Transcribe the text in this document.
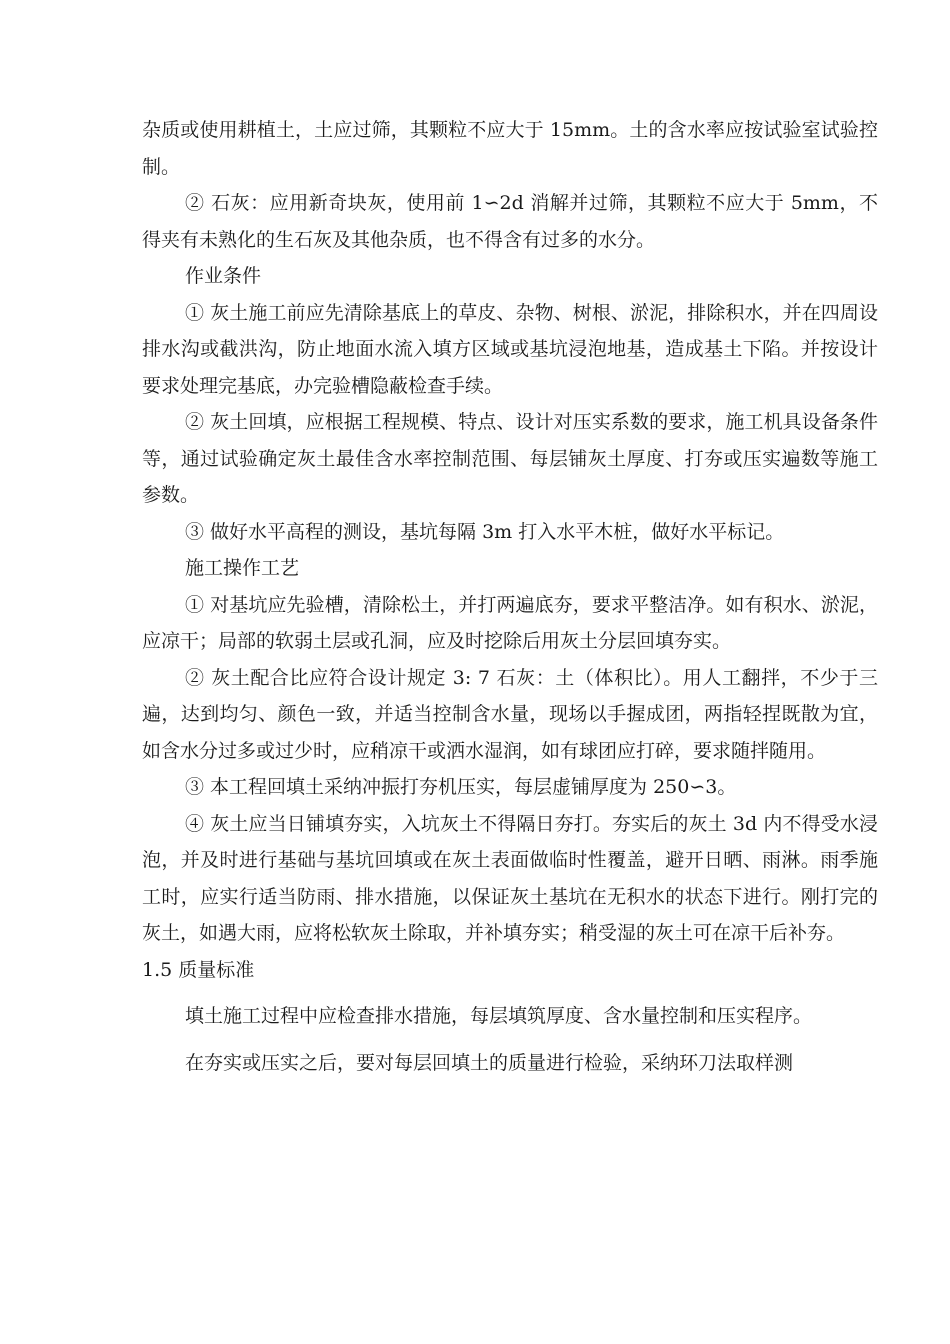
杂质或使用耕植土，土应过筛，其颗粒不应大于 15mm。土的含水率应按试验室试验控制。

② 石灰：应用新奇块灰，使用前 1∽2d 消解并过筛，其颗粒不应大于 5mm，不得夹有未熟化的生石灰及其他杂质，也不得含有过多的水分。

作业条件

① 灰土施工前应先清除基底上的草皮、杂物、树根、淤泥，排除积水，并在四周设排水沟或截洪沟，防止地面水流入填方区域或基坑浸泡地基，造成基土下陷。并按设计要求处理完基底，办完验槽隐蔽检查手续。

② 灰土回填，应根据工程规模、特点、设计对压实系数的要求，施工机具设备条件等，通过试验确定灰土最佳含水率控制范围、每层铺灰土厚度、打夯或压实遍数等施工参数。

③ 做好水平高程的测设，基坑每隔 3m 打入水平木桩，做好水平标记。

施工操作工艺

① 对基坑应先验槽，清除松土，并打两遍底夯，要求平整洁净。如有积水、淤泥，应凉干；局部的软弱土层或孔洞，应及时挖除后用灰土分层回填夯实。

② 灰土配合比应符合设计规定 3: 7 石灰：土（体积比）。用人工翻拌，不少于三遍，达到均匀、颜色一致，并适当控制含水量，现场以手握成团，两指轻捏既散为宜，如含水分过多或过少时，应稍凉干或洒水湿润，如有球团应打碎，要求随拌随用。

③ 本工程回填土采纳冲振打夯机压实，每层虚铺厚度为 250∽3。

④ 灰土应当日铺填夯实，入坑灰土不得隔日夯打。夯实后的灰土 3d 内不得受水浸泡，并及时进行基础与基坑回填或在灰土表面做临时性覆盖，避开日晒、雨淋。雨季施工时，应实行适当防雨、排水措施，以保证灰土基坑在无积水的状态下进行。刚打完的灰土，如遇大雨，应将松软灰土除取，并补填夯实；稍受湿的灰土可在凉干后补夯。

1.5 质量标准

填土施工过程中应检查排水措施，每层填筑厚度、含水量控制和压实程序。

在夯实或压实之后，要对每层回填土的质量进行检验，采纳环刀法取样测
